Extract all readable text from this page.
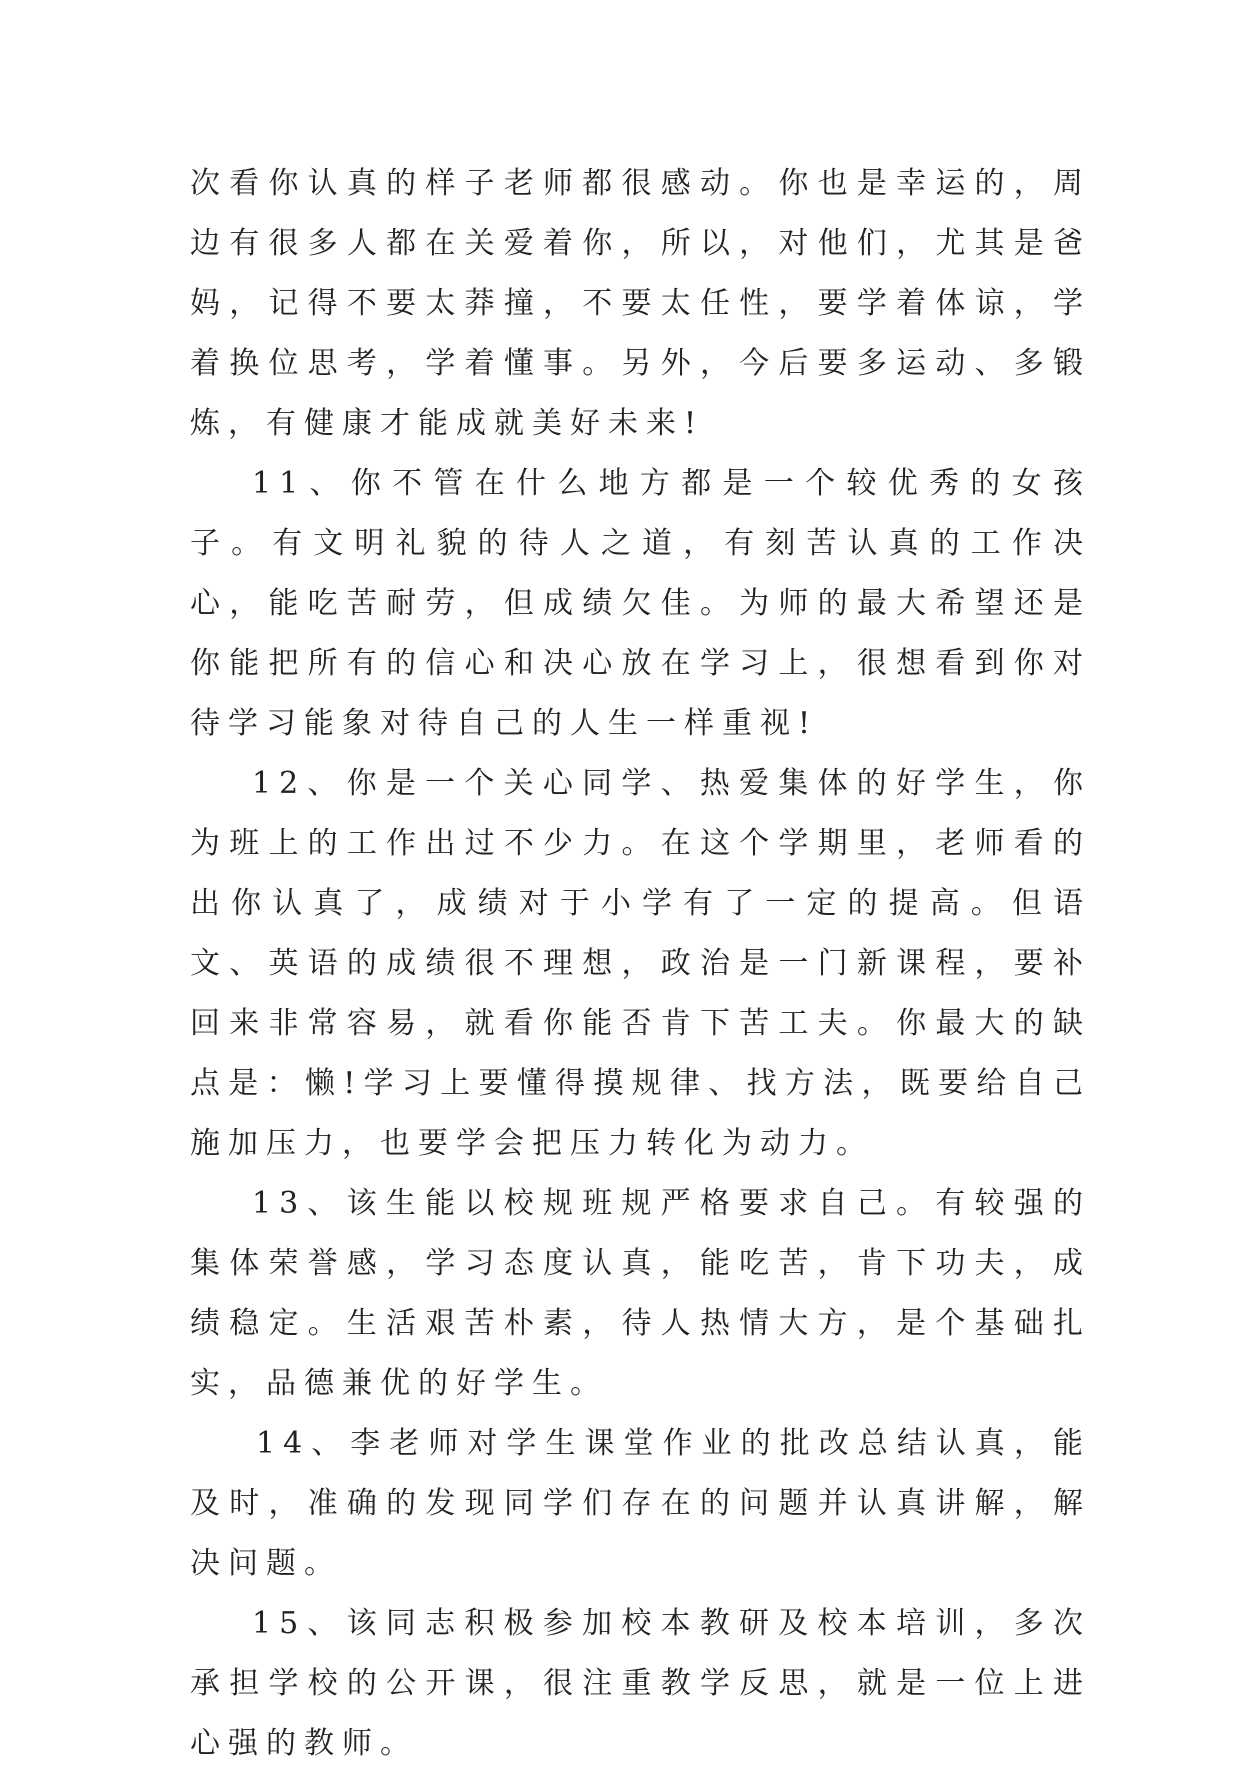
次看你认真的样子老师都很感动。你也是幸运的，周边有很多人都在关爱着你，所以，对他们，尤其是爸妈，记得不要太莽撞，不要太任性，要学着体谅，学着换位思考，学着懂事。另外，今后要多运动、多锻炼，有健康才能成就美好未来!

11、你不管在什么地方都是一个较优秀的女孩子。有文明礼貌的待人之道，有刻苦认真的工作决心，能吃苦耐劳，但成绩欠佳。为师的最大希望还是你能把所有的信心和决心放在学习上，很想看到你对待学习能象对待自己的人生一样重视!

12、你是一个关心同学、热爱集体的好学生，你为班上的工作出过不少力。在这个学期里，老师看的出你认真了，成绩对于小学有了一定的提高。但语文、英语的成绩很不理想，政治是一门新课程，要补回来非常容易，就看你能否肯下苦工夫。你最大的缺点是：懒!学习上要懂得摸规律、找方法，既要给自己施加压力，也要学会把压力转化为动力。

13、该生能以校规班规严格要求自己。有较强的集体荣誉感，学习态度认真，能吃苦，肯下功夫，成绩稳定。生活艰苦朴素，待人热情大方，是个基础扎实，品德兼优的好学生。

14、李老师对学生课堂作业的批改总结认真，能及时，准确的发现同学们存在的问题并认真讲解，解决问题。

15、该同志积极参加校本教研及校本培训，多次承担学校的公开课，很注重教学反思，就是一位上进心强的教师。
